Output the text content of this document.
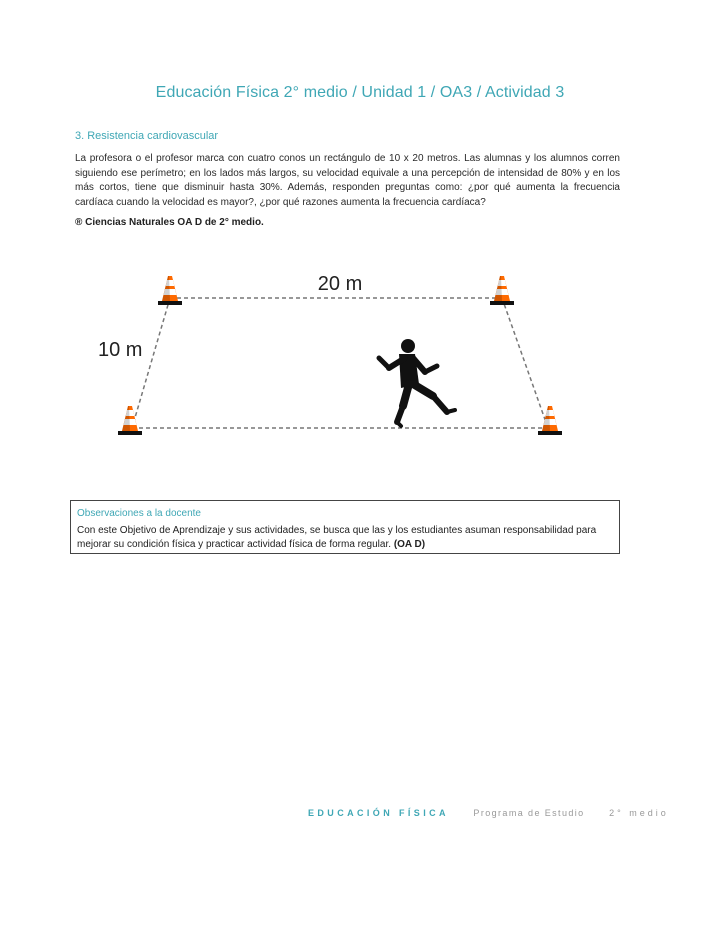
Educación Física 2° medio / Unidad 1 / OA3 / Actividad 3
3. Resistencia cardiovascular
La profesora o el profesor marca con cuatro conos un rectángulo de 10 x 20 metros. Las alumnas y los alumnos corren siguiendo ese perímetro; en los lados más largos, su velocidad equivale a una percepción de intensidad de 80% y en los más cortos, tiene que disminuir hasta 30%. Además, responden preguntas como: ¿por qué aumenta la frecuencia cardíaca cuando la velocidad es mayor?, ¿por qué razones aumenta la frecuencia cardíaca?
® Ciencias Naturales OA D de 2° medio.
20 m
10 m
Observaciones a la docente
Con este Objetivo de Aprendizaje y sus actividades, se busca que las y los estudiantes asuman responsabilidad para mejorar su condición física y practicar actividad física de forma regular. (OA D)
EDUCACIÓN FÍSICA	Programa de Estudio	2° medio
